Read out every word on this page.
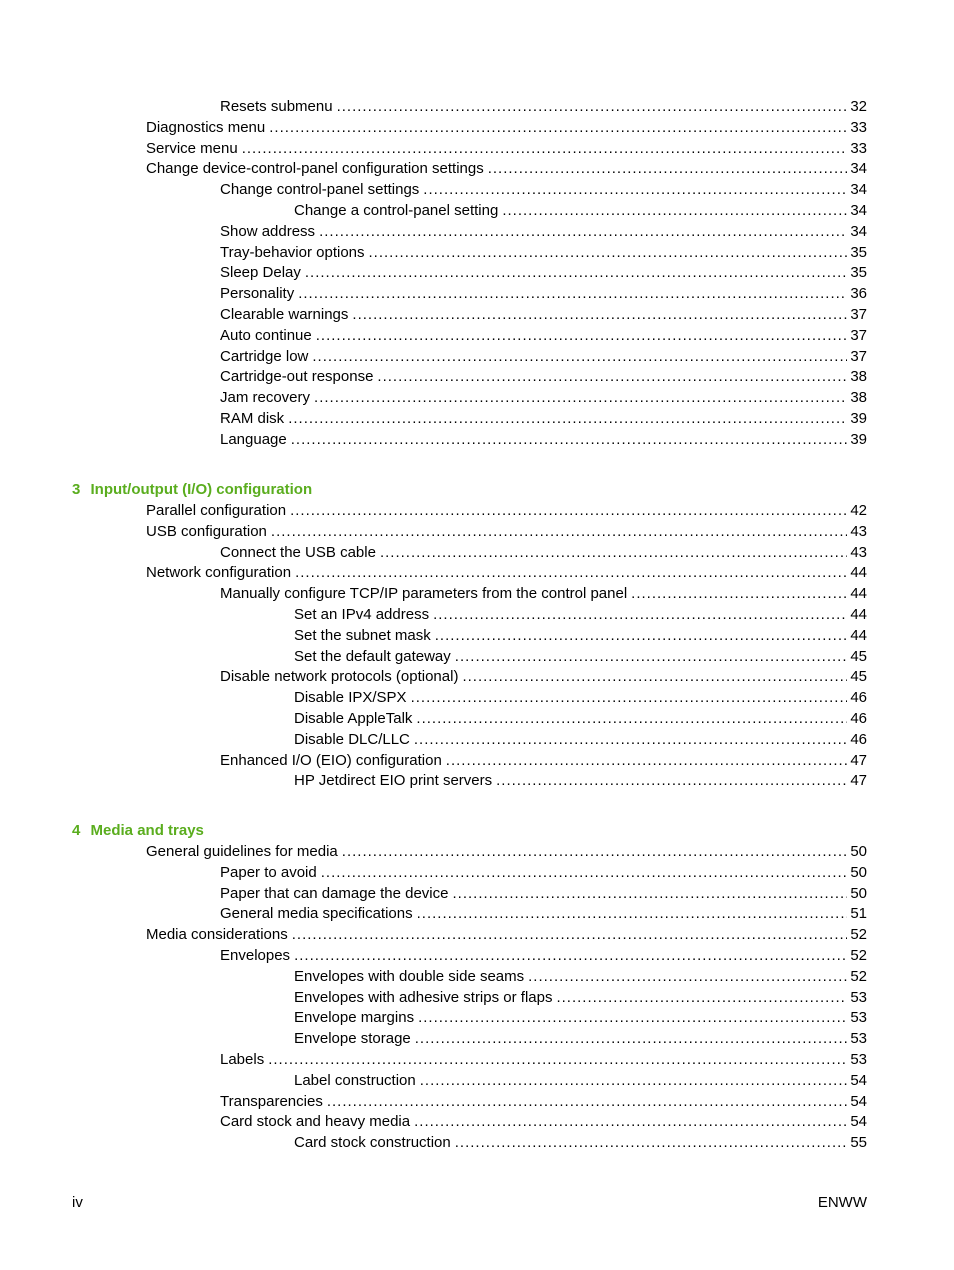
Resets submenu .....	32
Diagnostics menu .....	33
Service menu .....	33
Change device-control-panel configuration settings .....	34
Change control-panel settings .....	34
Change a control-panel setting .....	34
Show address .....	34
Tray-behavior options .....	35
Sleep Delay .....	35
Personality .....	36
Clearable warnings .....	37
Auto continue .....	37
Cartridge low .....	37
Cartridge-out response .....	38
Jam recovery .....	38
RAM disk .....	39
Language .....	39
3 Input/output (I/O) configuration
Parallel configuration .....	42
USB configuration .....	43
Connect the USB cable .....	43
Network configuration .....	44
Manually configure TCP/IP parameters from the control panel .....	44
Set an IPv4 address .....	44
Set the subnet mask .....	44
Set the default gateway .....	45
Disable network protocols (optional) .....	45
Disable IPX/SPX .....	46
Disable AppleTalk .....	46
Disable DLC/LLC .....	46
Enhanced I/O (EIO) configuration .....	47
HP Jetdirect EIO print servers .....	47
4 Media and trays
General guidelines for media .....	50
Paper to avoid .....	50
Paper that can damage the device .....	50
General media specifications .....	51
Media considerations .....	52
Envelopes .....	52
Envelopes with double side seams .....	52
Envelopes with adhesive strips or flaps .....	53
Envelope margins .....	53
Envelope storage .....	53
Labels .....	53
Label construction .....	54
Transparencies .....	54
Card stock and heavy media .....	54
Card stock construction .....	55
iv	ENWW
